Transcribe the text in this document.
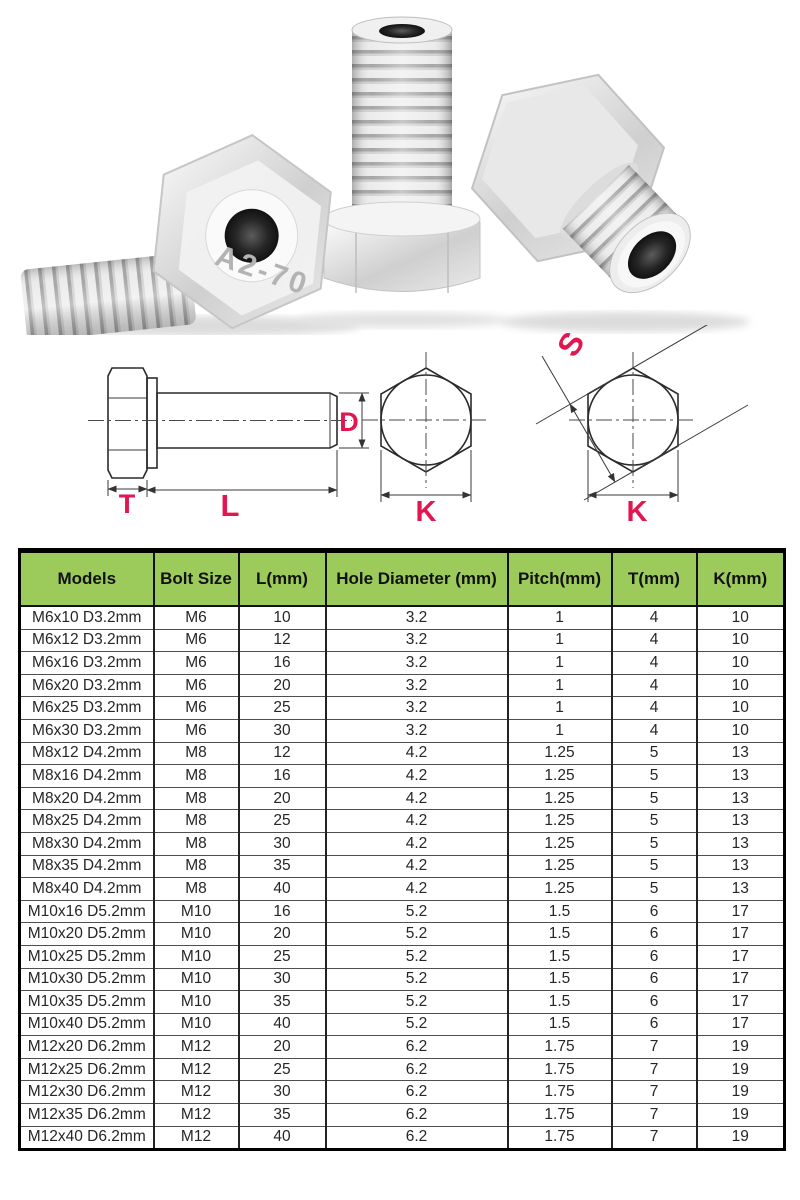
A2-70
T	L
D
K
S
K
Models	Bolt Size	L(mm)	Hole Diameter (mm)	Pitch(mm)	T(mm)	K(mm)
M6x10 D3.2mm	M6	10	3.2	1	4	10
M6x12 D3.2mm	M6	12	3.2	1	4	10
M6x16 D3.2mm	M6	16	3.2	1	4	10
M6x20 D3.2mm	M6	20	3.2	1	4	10
M6x25 D3.2mm	M6	25	3.2	1	4	10
M6x30 D3.2mm	M6	30	3.2	1	4	10
M8x12 D4.2mm	M8	12	4.2	1.25	5	13
M8x16 D4.2mm	M8	16	4.2	1.25	5	13
M8x20 D4.2mm	M8	20	4.2	1.25	5	13
M8x25 D4.2mm	M8	25	4.2	1.25	5	13
M8x30 D4.2mm	M8	30	4.2	1.25	5	13
M8x35 D4.2mm	M8	35	4.2	1.25	5	13
M8x40 D4.2mm	M8	40	4.2	1.25	5	13
M10x16 D5.2mm	M10	16	5.2	1.5	6	17
M10x20 D5.2mm	M10	20	5.2	1.5	6	17
M10x25 D5.2mm	M10	25	5.2	1.5	6	17
M10x30 D5.2mm	M10	30	5.2	1.5	6	17
M10x35 D5.2mm	M10	35	5.2	1.5	6	17
M10x40 D5.2mm	M10	40	5.2	1.5	6	17
M12x20 D6.2mm	M12	20	6.2	1.75	7	19
M12x25 D6.2mm	M12	25	6.2	1.75	7	19
M12x30 D6.2mm	M12	30	6.2	1.75	7	19
M12x35 D6.2mm	M12	35	6.2	1.75	7	19
M12x40 D6.2mm	M12	40	6.2	1.75	7	19
